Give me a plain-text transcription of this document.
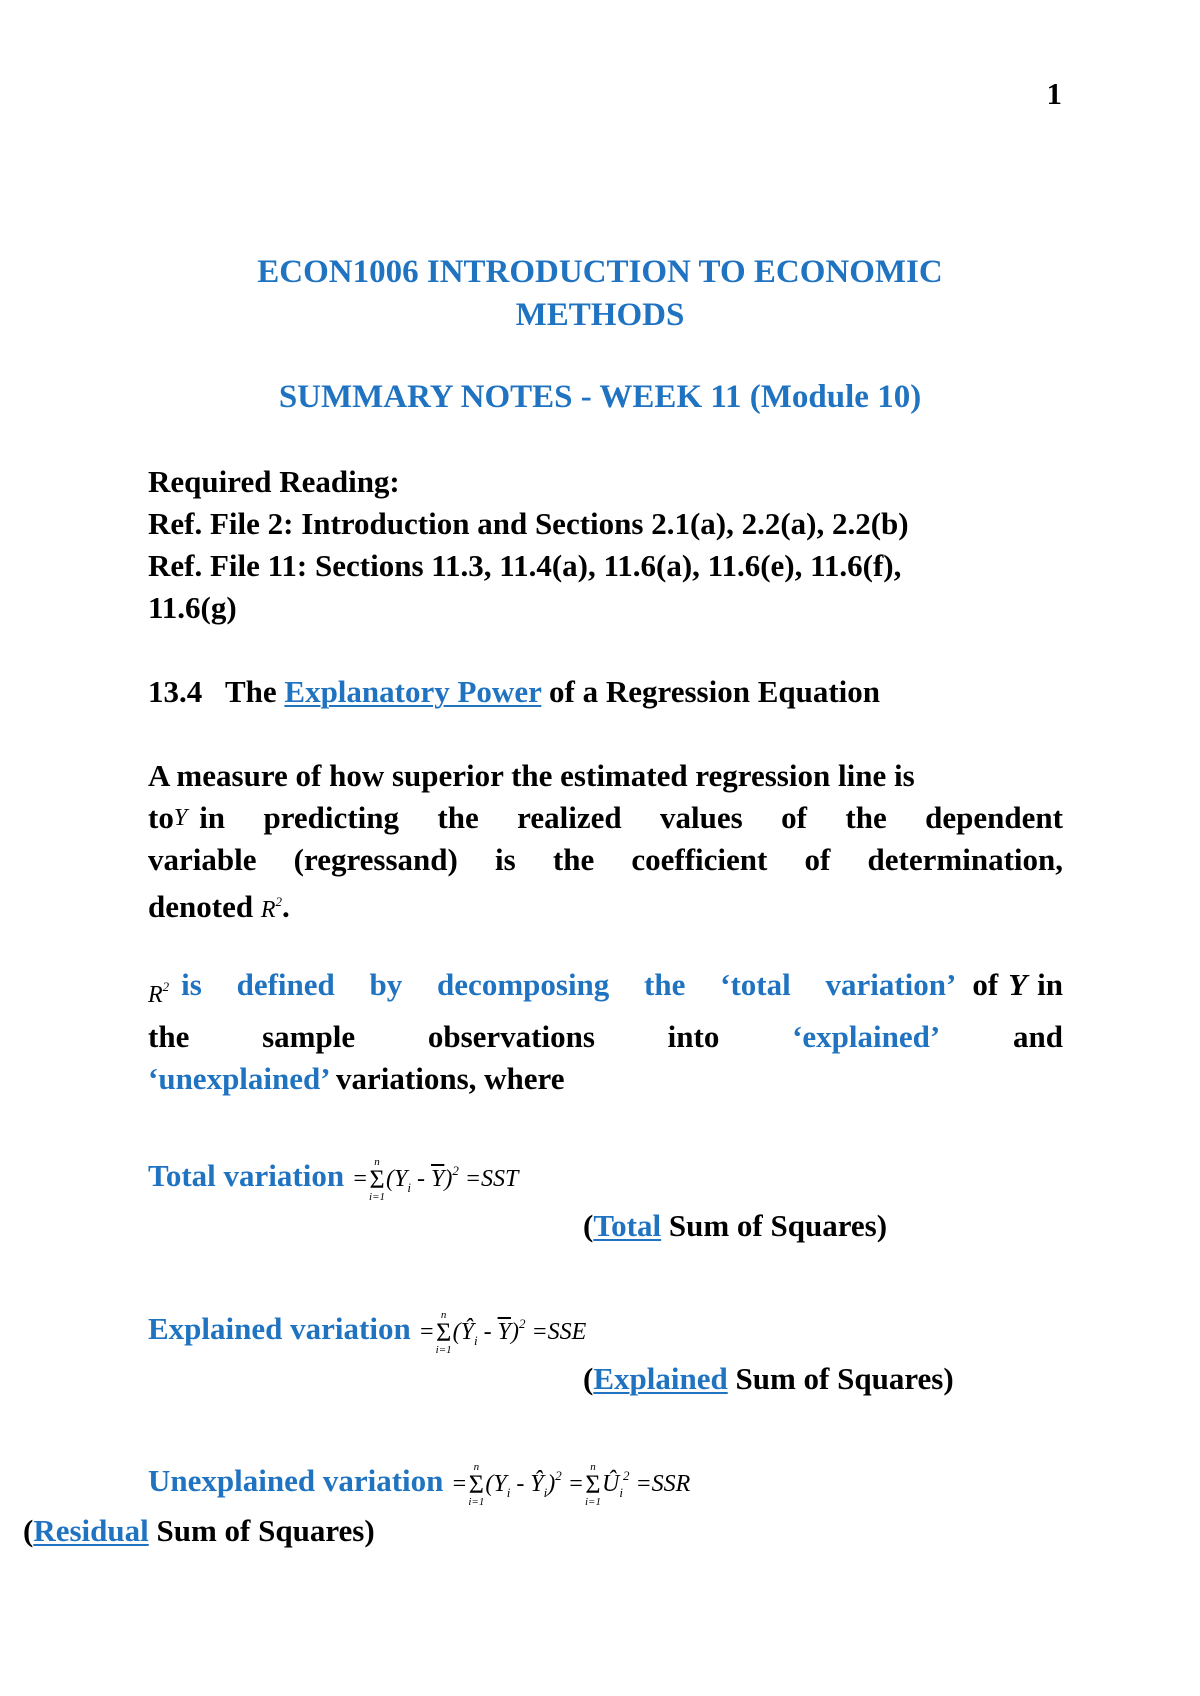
1
ECON1006 INTRODUCTION TO ECONOMIC
METHODS
SUMMARY NOTES - WEEK 11 (Module 10)
Required Reading:
Ref. File 2: Introduction and Sections 2.1(a), 2.2(a), 2.2(b)
Ref. File 11: Sections 11.3, 11.4(a), 11.6(a), 11.6(e), 11.6(f),
11.6(g)
13.4 The Explanatory Power of a Regression Equation
A measure of how superior the estimated regression line is
to Y in predicting the realized values of the dependent
variable (regressand) is the coefficient of determination,
denoted $R^2$.
$R^2$ is defined by decomposing the ‘total variation’ of Y in
the sample observations into ‘explained’ and
‘unexplained’ variations, where
Total variation =
n
Σ
i=1
$(Y_i - \overline{Y})^2 =SST$
(Total Sum of Squares)
Explained variation =
n
Σ
i=1
$(Ŷ_i - \overline{Y})^2 =SSE$
(Explained Sum of Squares)
Unexplained variation =
n
Σ
i=1
($Y_i$ - $Ŷ_i)^2$ =
n
Σ
i=1
$Û_i^2 =SSR$
(Residual Sum of Squares)
